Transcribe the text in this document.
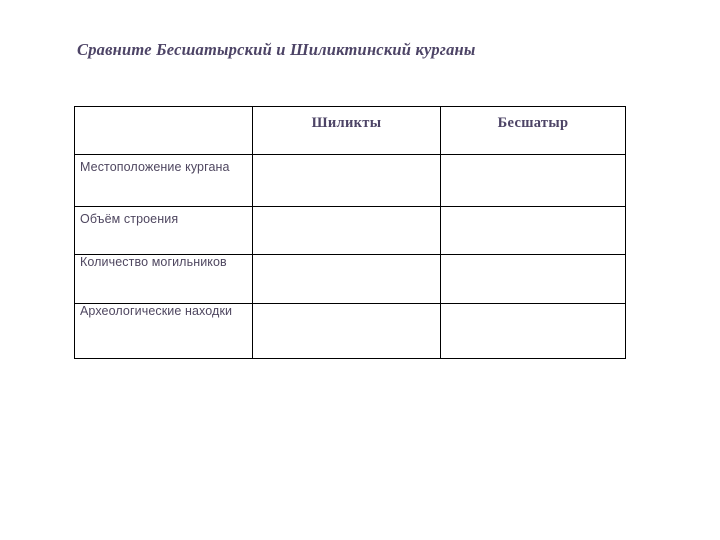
Сравните Бесшатырский и Шиликтинский курганы

	Шиликты	Бесшатыр

Местоположение кургана		

Объём строения		

Количество могильников		

Археологические находки		
